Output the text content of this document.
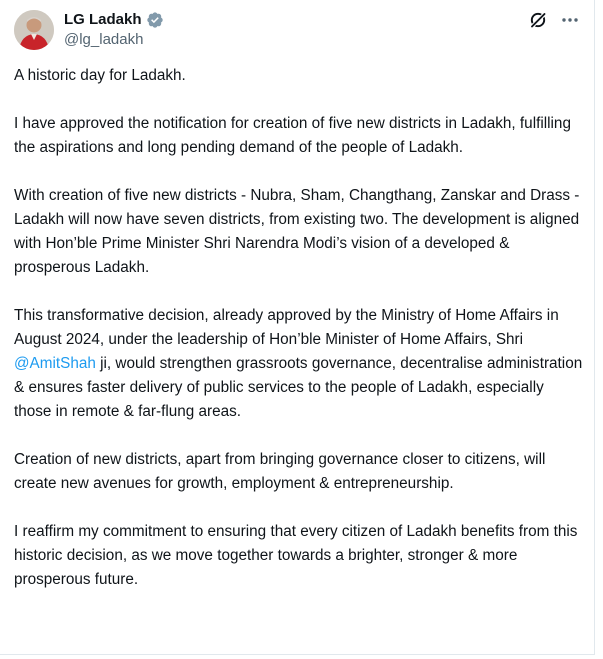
LG Ladakh
@lg_ladakh

A historic day for Ladakh.

I have approved the notification for creation of five new districts in Ladakh, fulfilling the aspirations and long pending demand of the people of Ladakh.

With creation of five new districts - Nubra, Sham, Changthang, Zanskar and Drass - Ladakh will now have seven districts, from existing two. The development is aligned with Hon’ble Prime Minister Shri Narendra Modi’s vision of a developed & prosperous Ladakh.

This transformative decision, already approved by the Ministry of Home Affairs in August 2024, under the leadership of Hon’ble Minister of Home Affairs, Shri @AmitShah ji, would strengthen grassroots governance, decentralise administration & ensures faster delivery of public services to the people of Ladakh, especially those in remote & far-flung areas.

Creation of new districts, apart from bringing governance closer to citizens, will create new avenues for growth, employment & entrepreneurship.

I reaffirm my commitment to ensuring that every citizen of Ladakh benefits from this historic decision, as we move together towards a brighter, stronger & more prosperous future.
